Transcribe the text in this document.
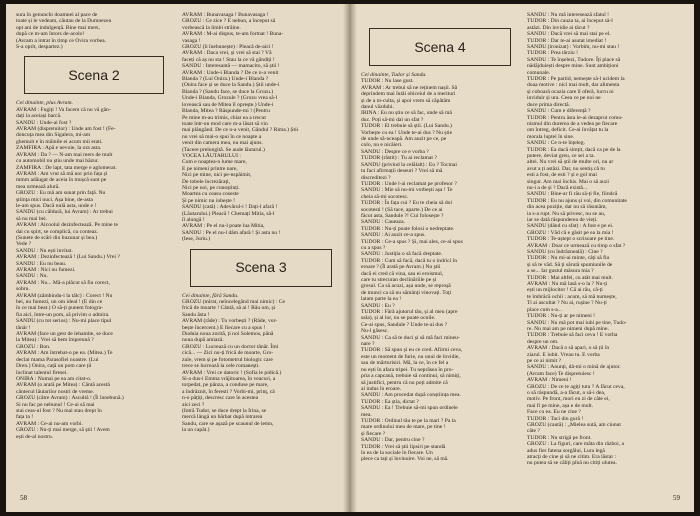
sura în genunchi doamnei al pace de

toate și le vedeam, căutau de la Dumnezeu

opt ani de indulgență. Bine mai mers,

după ce m-am întors de-acolo!

(Avram a intrat în timp ce Ovira vorbea.

S-a oprit, despartez.)

Scena 2

Cei dinainte, plus Avram.

AVRAM : Fugiți ! Va facem că nu vă gân-

dați la aceiași barcă.

SANDU : Unde-ai fost ?

AVRAM (dispretuitor) : Unde am fost ! (Fe-

doncuța mea din Sigalera, mi-am

ghemuit e în mâinile ei acum mii erati.

ZAMFIRA : Apă e nevoie, la ora asta.

AVRAM : Da ? — N-am mai mers de mult

cu automobil nu știu unde mai bâzur.

ZAMFIRA : De lapt, tata merge e aglomerat.

AVRAM : Am vrut să mă nor prin fața și

mmm adăugat de aceia în mușcă sunt pe

mea urmează alură.

GROZU : Eu mâ am sunat prin față. Nu

știința mici nuci. Așa bine, de-asta

le-am spus. Dacă nulă asta, unde e !

SANDU (cu căldură, lui Avram) : Ar trebui

să nu mai bei.

AVRAM : Alcoolul dezinfectează. Pe mine te

dai cu spirt, se complică, cu conteaz.

(Sunete de scări din buzunar și bea.)

Vede ?

SANDU : Nu ești invitat.

AVRAM : Dezinfectează ! (Lui Sandu.) Vrei ?

SANDU : Eu nu beau.

AVRAM : Nici nu fumezi.

SANDU : Nu.

AVRAM : Nu... Mă-a plăcut să fiu corect,

sobru.

AVRAM (zâmbindu-i la tâlc) : Corect ! Nu

bei, nu fumezi, un om ideal ! (E din ce

în ce mai beat.) O să-ți punem fotogra-

fia aici, între-un pom, să privim o admira.

SANDU (cu tot serios) : Nu-mi place tipul

tânăr !

AVRAM (face un gest de lehamite, se duce

la Mitea) : Vrei să bem împreună ?

GROZU : Bon.

AVRAM : Am întrebat-o pe ea. (Mitea.) Te

declar mama Parasofiei noastre. (Lui

Dren.) Onira, cață un pom care ții

înclinat talentul firesei.

ONIRA : Numai pe ea am citat-o.

AVRAM (o arată pe Mitea) : Cântă acestă

cântecul lăutarilor nostri de vreme.

GROZU (către Avram) : Ascultă ! (Îi înnebună.)

Si nu fac pe nebunul ! Ce-ai să mai

stai ceas-ul fost ? Nu mai stau drept în

fața ta !

AVRAM : Ce-ai nu-am vorbi.

GROZU : Nu-ți mai merge, să știi ! Avem

ești de-al nostru.

AVRAM : Bunavasaga ! Bunavasaga !

GROZU : Ce zice ? E nebun, a început să

vorbească la limbi străine.

AVRAM : M-ai dispus, te-am format ! Buna-

vasaga !

GROZU (îi înebunește) : Pleacă de-aici !

AVRAM : Daca vrei, și vrei să stai ? Vă

faceți că aș nu sta ! Stau la ce vă gândiți !

SANDU : Interesantă — mamacito, să știi !

AVRAM : Unde-i Blanda ? De ce n-a venit

Blanda ? (Lui Onira.) Unde-i Blanda ?

(Onira face și se duce la Sandu.) Știi unde-i

Blanda ? (Sandu face, se duce la Grozu.)

Unde-i Blanda, Grozule ? (Grozu vrea să-l

lovească sau de Mitea îl oprește.) Unde-i

Blanda, Mitea ? Răspunde-mi ! (Pentru

Pe mine m-au trimis, chiar ea a trecut

toate într-un mod care m-a lăsat să vin

mai plângând. De ce n-a venit, Gândul ? Rima.) Știi

nu vrei să mai-o spui în ce noapte a

venit din camera mea, nu mai ajuns.

(Tacere prelungită. Se aude lăutarul.)

VOCEA LĂUTARULUI :

Cum e noaptea-n lume mare,

E pe nimeni printre nare,

Nici pe mine, nici pe-nspăimit,

De tobele încrezărați,

Nici pe noi, pe cunoștinți.

Moartea cu ceasu coseste

Și pe nimic nu iubește !

SANDU (cată) : Adevărul-i ! Dați-l afară !

(Lăutarului.) Pleacă ! Chemați Mitia, să-l

îl alungă !

AVRAM : Pe el nu-l poate lua Mitia,

SANDU : Pe el nu-l dăm afară ! Și asta nu !

(Iese, Juriu.)

Scena 3

Cei dinainte, fără Sandu.

GROZU (mirat, neîncelegând mai nimic) : Ce

frică de moarte ! Cântă, să ai ! Rău om, și

Sandu ăsta !

AVRAM (râde) : Tu vorbești ? (Râde, vor-

bește încercent.) E fiecare cu a spus !

Duduia noua zorită, ți noi Solemos, pănă

noua după amiază.

GROZU : Lucrează cu un doctor tânăr. Îmi

cică... — Zici nu-ți frică de moarte, Gro-

zule, vrem și pe fotometrul biologic care

trece se lucrează la cele romanești.

AVRAM : Vrei ce datoric ! (Sofia le pidică.)

Si-a dus-i Emma vrăjitoarea, în veacuri, a

torpedat, pe pânza, a conduse pe mare,

a îndrăznit, în feresti ? Vorbi-mi, prinț, că

n-o pățiți, descresc care în acestea

aici zeci ?

(Intră Tudor, se duce drept la Irina, se

mercă lângă un bărbat după intrarea

Sandu, care se așază pe scaunul de lemn,

la un capăt.)

58
Scena 4

Cei dinainte, Tudor și Sandu.

TUDOR : Nu lase gust.

AVRAM : Ar trebui să ne reținem nașii. Să

deprindem mai întâi obiceiul de a merituri

și de a m-culta, și apoi vrem să căpătăm

danul văzduhi.

IRINA : Eu nu știu ce să fac, unde să mă

duc. Poți să-mi dai un sfat ?

TUDOR : El trebuie să știi. (Lui Sandu.)

Vorbește cu ea ! Unde te-ai dus ? Nu știe

de unde să-nceapă. Am auzit pe ce, pe

colo, nu e nicăieri.

SANDU : Despre ce e vorba ?

TUDOR (râstit) : Tu ai reclamat ?

SANDU (privind la celălalt) : Eu ? Tocmai

tu faci afirmații deseuri ? Vrei să mă

discreditezi ?

TUDOR : Unde l-ai reclamat pe profesor ?

SANDU : Mie să nu-mi vorbești așa ! Te

cheia să-mi socotesc.

TUDOR : În fața cui ? Eu te cheia să doi

socotesti ! (Să tace, aparte.) De ce ai

făcut asta, Sandule ?! Cui folosește ?

SANDU : Caueaza.

TUDOR : Nu-ți poate folosi o nedreptate.

SANDU : Ai auzit ce-a spus.

TUDOR : Ce-a spus ? Și, mai ales, ce-ai spus

cu a spus ?

SANDU : Justiția o să facă dreptate.

TUDOR : Cum să facă, dacă tu o indrici în

eroare ? (Îl arată pe Avram.) Nu știi

dacă ei cred că vina, sau ei eroismul,

care tu strecuran declinăriile pe și

grosul. Ca să acuzi, așa unde, se reproșă

de munci ca să nu sămânți vinovați. Toți

latam parte la ea !

SANDU : Eu ?

TUDOR : Fără ajutorul tău, și al meu (apre

sala), și al lor, nu se poate ocnile.

Ce-ai spus, Sandule ? Unde te-ai dus ?

Nu-l găsesc.

SANDU : Ca să te duci și să mă faci mineu-

nare ?

TUDOR : Să spun și eu ce cred. Afirmi ceva,

este un moment de furie, nu unul de învidie,

sau de mărturisiri. Mă, la ce, în ce fel a

nu ești în afara tripei. Tu neprăsea în pro-

pria a capcană, trebuie să continui, să nimiți,

să justifici, pentru că nu poți admite că

ai indus în eroare.

SANDU : Am procedat după conștiința mea.

TUDOR : Ea știa, dictat ?

SANDU : Ea ! Trebuie să-mi spun ordinele

mea.

TUDOR : Ordinul tău te pe la mari ? Pa la

mare ordinului meu de mare, pe tine !

și fiecare ?

SANDU : Dar, pentru cine ?

TUDOR : Vrei să știi lipsiri pe standă

în ea de la sociale în fiecare. Un

plece ca tați și învinuire. Voi ne, să mă.

SANDU : Nu mă interesează sfatul !

TUDOR : Din cauza ta, ai început să-l

astăzi. Din invidie ai tăcut ?

SANDU : Dacă vrei să mai stai pe el.

TUDOR : Dar te-ai asutat imediat !

SANDU (ironizat) : Vorbim, nu-mi stau !

TUDOR : Prea târziu !

SANDU : Te înșelezi, Tudore. Îți place să

nădăjduiești despre mine. Sunt ambiționi

comunale.

TUDOR : Pe partid, nemește să-l ucidem la

doaa motive : nici mai mult, dar alimenta

și coboară ocazia care îl oferă, lucru ni

inviduir și ura. Ceea ce pe noi ne

duce prima directă.

SANDU : Cum e diferență ?

TUDOR : Pentru ăsta le-ai dezaprut comu-

nismul din durerea de a vedea pe fiecare

om întreg, deficit. Ce-ai învățat tu la

morala luptei în sine.

SANDU : Ce n-te înțeleg.

TUDOR : Ea dacă simțit, dacă ca pe de la

putere, deviat greu, ce sei a ta.

altei. Nu vrei să știi de multe ori, nu ar

avut a ți astăzi. Dar, nu sentiș că tu

esti a fost, de esti ? și e gol mai

singur. Am mai închis. Mai o să auzi

nu-i a de și ? Dacă există...

SANDU : Bine-ar fi rău să-ți fie, fiindcă

TUDOR : Eu nu ajuns și voi, din comunitate

din acea poziție, dar nu să răsunăm,

ia s-a rupt. Nu să privesc, nu se au,

iar se dată răspunderea de vieți.

SANDU (dând cu sfat) : A fost e pe ei.

GROZU : Văd că e găsit pe ea la mia !

TUDOR : Te-aștept o scrisoare pe tine.

AVRAM : Doar ce urmează cu timp o sfat ?

SANDU (cu îndrăzneală) : Cine ?

TUDOR : Nu mi-ai minte, câți să fiu

și să te văd. Să ți sărută spumiunile de

a se... Iar gustul măsura mia ?

TUDOR : Mai altfel, cu atât mai mult.

AVRAM : Nu mă lasă s-o la ? Nu-ți

ești un mijlocitor ! Că ai rău, că-ți

te îmbrăcă ochii : acum, să mă numește,

Ti ai ascultat ? Nu ai, rușine ? Nu-ți

place cum s-a...

TUDOR : Nu-ți ar pe nimeni !

SANDU : Nu mă pot mai iubi pe tine, Tudo-

re. Nu mai am pe nimeni după mine.

TUDOR : Trebuie să faci ceva ! E vorba

despre un om.

AVRAM : Dacă o să apari, o să ții în

ziarul. E iubit. Vreau tu. E vorba

pe ce ai nimit ?

SANDU : Anunți, dă-mi o mină de ajutor.

(Avram face) Te dispretuiesc !

AVRAM : Nimeni !

GROZU : De ce te agiți tutu ? A făcut ceva,

o să răspundă, a-a făcut, o să-i dea,

motiv. Pe front, mori eu zi de căte ei,

mai fi pe mine, așa e de mult.

Face cu ea. Eu ne cine ?

TUDOR : Taci din gură !

GROZU (caută) : „Mielea sută, am ciunut

câte ?

TUDOR : Nu strigă pe front.

GROZU : La figuri, care mâta din război, a

adus fier fatena sorgălui, Lura legă

atracți de cine și să ne citim. Era lăstar :

nu putea să se căliți pînă nu citiți ulutea.

59
